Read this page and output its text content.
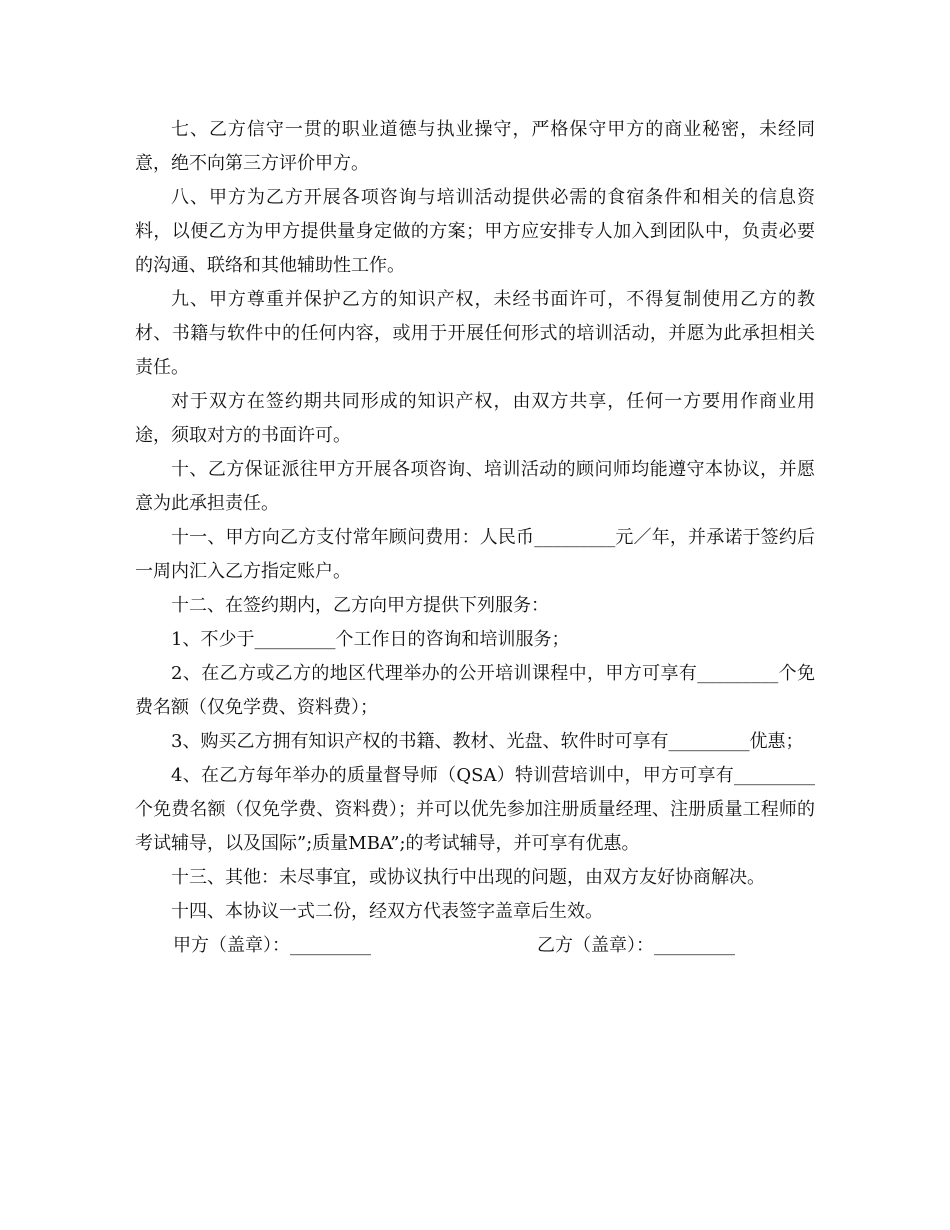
七、乙方信守一贯的职业道德与执业操守，严格保守甲方的商业秘密，未经同意，绝不向第三方评价甲方。

八、甲方为乙方开展各项咨询与培训活动提供必需的食宿条件和相关的信息资料，以便乙方为甲方提供量身定做的方案；甲方应安排专人加入到团队中，负责必要的沟通、联络和其他辅助性工作。

九、甲方尊重并保护乙方的知识产权，未经书面许可，不得复制使用乙方的教材、书籍与软件中的任何内容，或用于开展任何形式的培训活动，并愿为此承担相关责任。

对于双方在签约期共同形成的知识产权，由双方共享，任何一方要用作商业用途，须取对方的书面许可。

十、乙方保证派往甲方开展各项咨询、培训活动的顾问师均能遵守本协议，并愿意为此承担责任。

十一、甲方向乙方支付常年顾问费用：人民币_________元／年，并承诺于签约后一周内汇入乙方指定账户。

十二、在签约期内，乙方向甲方提供下列服务：

1、不少于_________个工作日的咨询和培训服务；

2、在乙方或乙方的地区代理举办的公开培训课程中，甲方可享有_________个免费名额（仅免学费、资料费）；

3、购买乙方拥有知识产权的书籍、教材、光盘、软件时可享有_________优惠；

4、在乙方每年举办的质量督导师（QSA）特训营培训中，甲方可享有_________个免费名额（仅免学费、资料费）；并可以优先参加注册质量经理、注册质量工程师的考试辅导，以及国际”;质量MBA”;的考试辅导，并可享有优惠。

十三、其他：未尽事宜，或协议执行中出现的问题，由双方友好协商解决。

十四、本协议一式二份，经双方代表签字盖章后生效。

甲方（盖章）：_________	乙方（盖章）：_________
